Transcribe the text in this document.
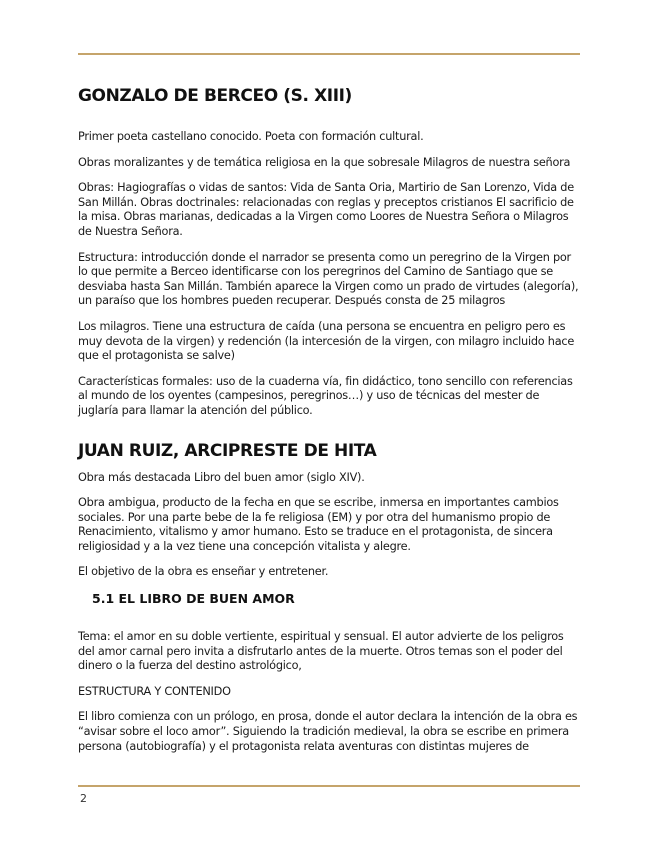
GONZALO DE BERCEO (S. XIII)

Primer poeta castellano conocido. Poeta con formación cultural.

Obras moralizantes y de temática religiosa en la que sobresale Milagros de nuestra señora

Obras: Hagiografías o vidas de santos: Vida de Santa Oria, Martirio de San Lorenzo, Vida de San Millán. Obras doctrinales: relacionadas con reglas y preceptos cristianos El sacrificio de la misa. Obras marianas, dedicadas a la Virgen como Loores de Nuestra Señora o Milagros de Nuestra Señora.

Estructura: introducción donde el narrador se presenta como un peregrino de la Virgen por lo que permite a Berceo identificarse con los peregrinos del Camino de Santiago que se desviaba hasta San Millán. También aparece la Virgen como un prado de virtudes (alegoría), un paraíso que los hombres pueden recuperar. Después consta de 25 milagros

Los milagros. Tiene una estructura de caída (una persona se encuentra en peligro pero es muy devota de la virgen) y redención (la intercesión de la virgen, con milagro incluido hace que el protagonista se salve)

Características formales: uso de la cuaderna vía, fin didáctico, tono sencillo con referencias al mundo de los oyentes (campesinos, peregrinos…) y uso de técnicas del mester de juglaría para llamar la atención del público.

JUAN RUIZ, ARCIPRESTE DE HITA

Obra más destacada Libro del buen amor (siglo XIV).

Obra ambigua, producto de la fecha en que se escribe, inmersa en importantes cambios sociales. Por una parte bebe de la fe religiosa (EM) y por otra del humanismo propio de Renacimiento, vitalismo y amor humano. Esto se traduce en el protagonista, de sincera religiosidad y a la vez tiene una concepción vitalista y alegre.

El objetivo de la obra es enseñar y entretener.

5.1 EL LIBRO DE BUEN AMOR

Tema: el amor en su doble vertiente, espiritual y sensual. El autor advierte de los peligros del amor carnal pero invita a disfrutarlo antes de la muerte. Otros temas son el poder del dinero o la fuerza del destino astrológico,

ESTRUCTURA Y CONTENIDO

El libro comienza con un prólogo, en prosa, donde el autor declara la intención de la obra es “avisar sobre el loco amor”. Siguiendo la tradición medieval, la obra se escribe en primera persona (autobiografía) y el protagonista relata aventuras con distintas mujeres de

2
